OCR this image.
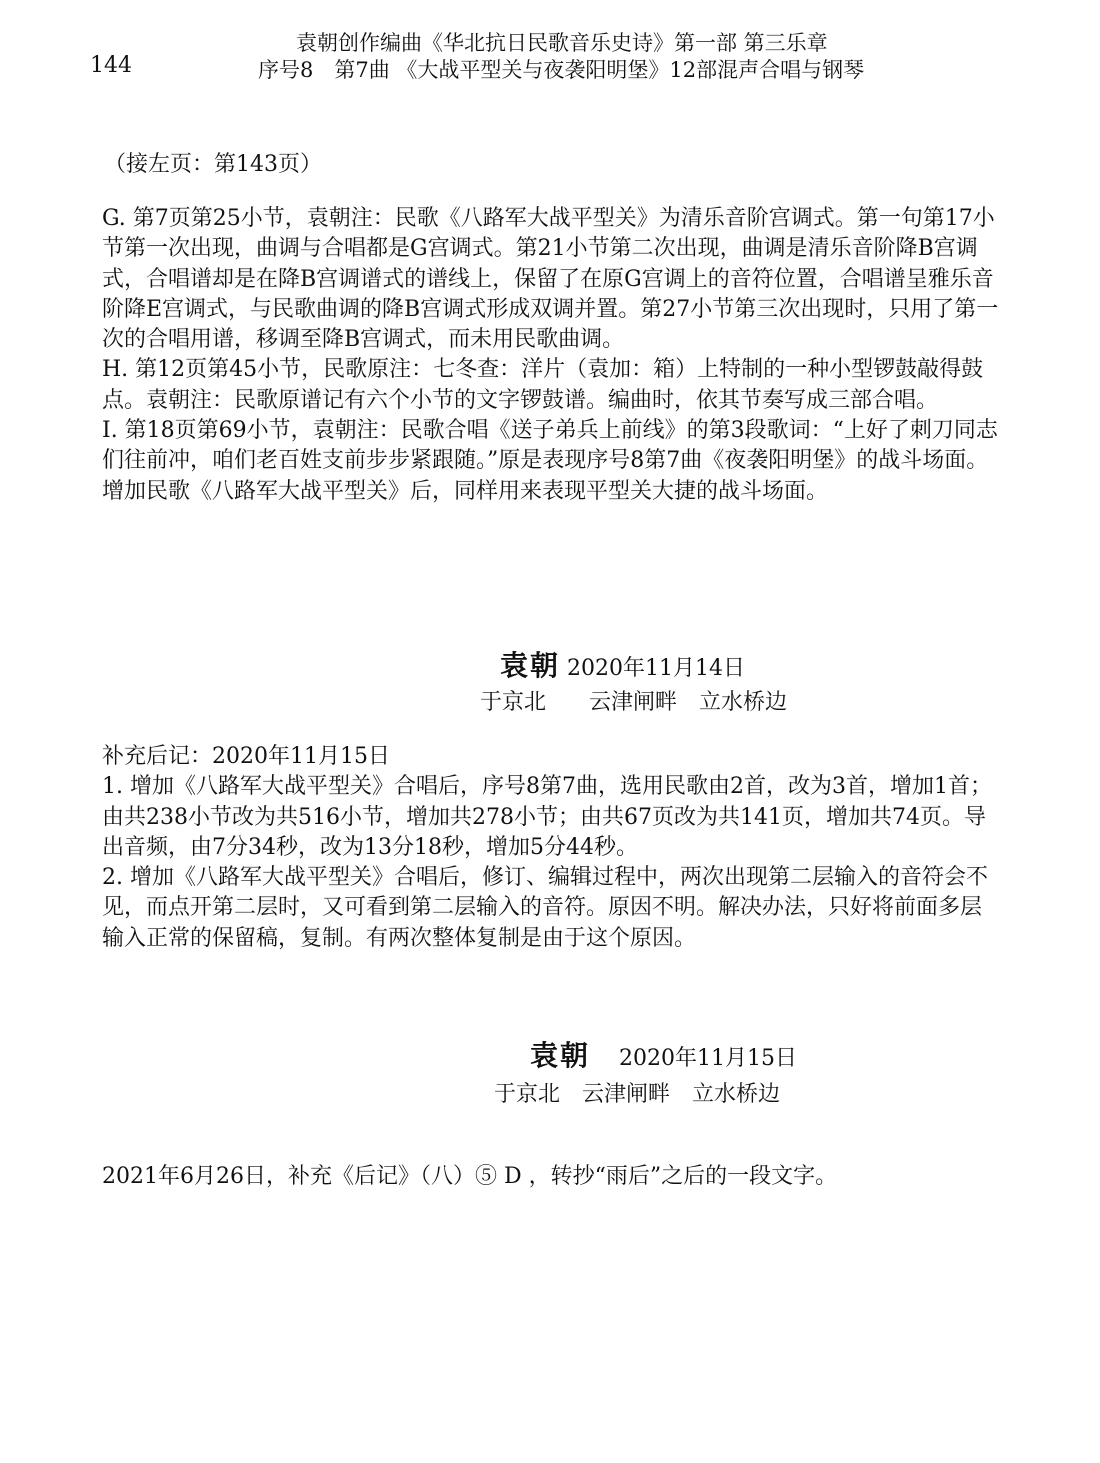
144
袁朝创作编曲《华北抗日民歌音乐史诗》第一部 第三乐章
序号8　第7曲 《大战平型关与夜袭阳明堡》12部混声合唱与钢琴
（接左页：第143页）

G. 第7页第25小节，袁朝注：民歌《八路军大战平型关》为清乐音阶宫调式。第一句第17小节第一次出现，曲调与合唱都是G宫调式。第21小节第二次出现，曲调是清乐音阶降B宫调式，合唱谱却是在降B宫调谱式的谱线上，保留了在原G宫调上的音符位置，合唱谱呈雅乐音阶降E宫调式，与民歌曲调的降B宫调式形成双调并置。第27小节第三次出现时，只用了第一次的合唱用谱，移调至降B宫调式，而未用民歌曲调。

H. 第12页第45小节，民歌原注：七冬查：洋片（袁加：箱）上特制的一种小型锣鼓敲得鼓点。袁朝注：民歌原谱记有六个小节的文字锣鼓谱。编曲时，依其节奏写成三部合唱。

I. 第18页第69小节，袁朝注：民歌合唱《送子弟兵上前线》的第3段歌词：“上好了刺刀同志们往前冲，咱们老百姓支前步步紧跟随。”原是表现序号8第7曲《夜袭阳明堡》的战斗场面。增加民歌《八路军大战平型关》后，同样用来表现平型关大捷的战斗场面。

袁朝 2020年11月14日
于京北　 云津闸畔　立水桥边

补充后记：2020年11月15日

1. 增加《八路军大战平型关》合唱后，序号8第7曲，选用民歌由2首，改为3首，增加1首；由共238小节改为共516小节，增加共278小节；由共67页改为共141页，增加共74页。导出音频，由7分34秒，改为13分18秒，增加5分44秒。

2. 增加《八路军大战平型关》合唱后，修订、编辑过程中，两次出现第二层输入的音符会不见，而点开第二层时，又可看到第二层输入的音符。原因不明。解决办法，只好将前面多层输入正常的保留稿，复制。有两次整体复制是由于这个原因。

袁朝 2020年11月15日
于京北　云津闸畔　立水桥边
2021年6月26日，补充《后记》（八）⑤ D ，转抄“雨后”之后的一段文字。
